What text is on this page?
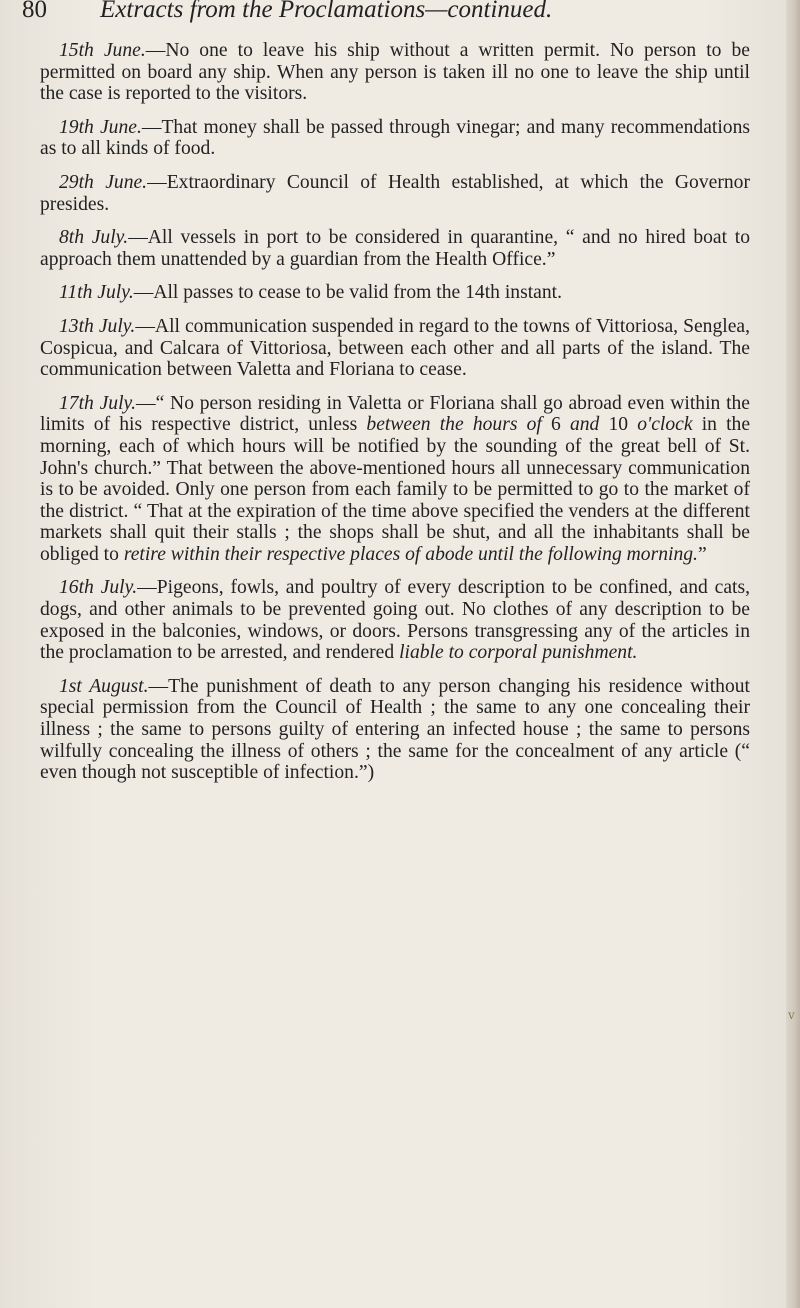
80 Extracts from the Proclamations—continued.

15th June.—No one to leave his ship without a written permit. No person to be permitted on board any ship. When any person is taken ill no one to leave the ship until the case is reported to the visitors.

19th June.—That money shall be passed through vinegar; and many recommendations as to all kinds of food.

29th June.—Extraordinary Council of Health established, at which the Governor presides.

8th July.—All vessels in port to be considered in quarantine, “ and no hired boat to approach them unattended by a guardian from the Health Office.”

11th July.—All passes to cease to be valid from the 14th instant.

13th July.—All communication suspended in regard to the towns of Vittoriosa, Senglea, Cospicua, and Calcara of Vittoriosa, between each other and all parts of the island. The communication between Valetta and Floriana to cease.

17th July.—“ No person residing in Valetta or Floriana shall go abroad even within the limits of his respective district, unless between the hours of 6 and 10 o'clock in the morning, each of which hours will be notified by the sounding of the great bell of St. John's church.” That between the above-mentioned hours all unnecessary communication is to be avoided. Only one person from each family to be permitted to go to the market of the district. “ That at the expiration of the time above specified the venders at the different markets shall quit their stalls ; the shops shall be shut, and all the inhabitants shall be obliged to retire within their respective places of abode until the following morning.”

16th July.—Pigeons, fowls, and poultry of every description to be confined, and cats, dogs, and other animals to be prevented going out. No clothes of any description to be exposed in the balconies, windows, or doors. Persons transgressing any of the articles in the proclamation to be arrested, and rendered liable to corporal punishment.

1st August.—The punishment of death to any person changing his residence without special permission from the Council of Health ; the same to any one concealing their illness ; the same to persons guilty of entering an infected house ; the same to persons wilfully concealing the illness of others ; the same for the concealment of any article (“ even though not susceptible of infection.”)

ⅴ
